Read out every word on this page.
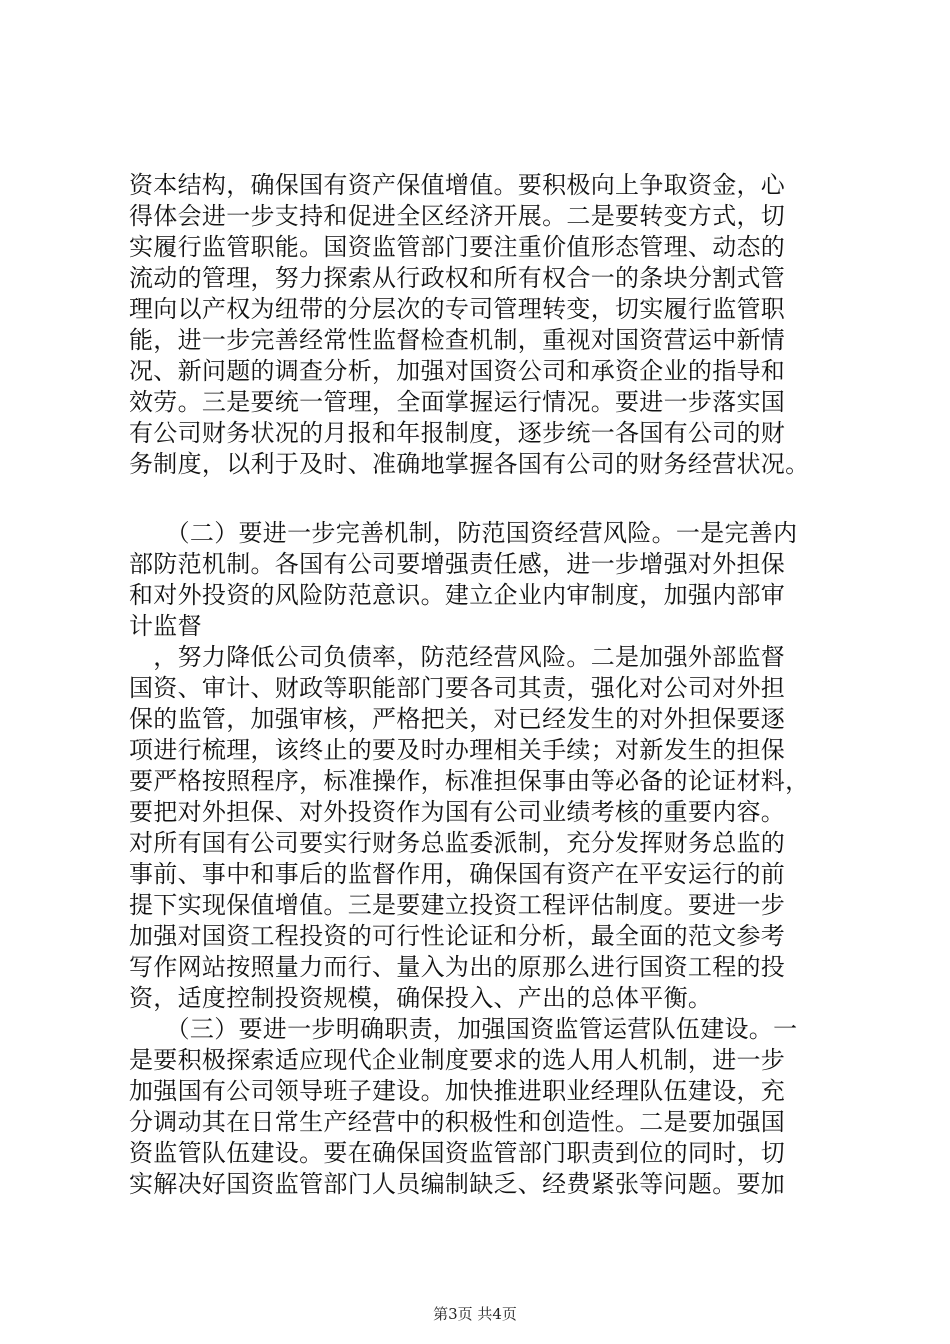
资本结构，确保国有资产保值增值。要积极向上争取资金，心
得体会进一步支持和促进全区经济开展。二是要转变方式，切
实履行监管职能。国资监管部门要注重价值形态管理、动态的
流动的管理，努力探索从行政权和所有权合一的条块分割式管
理向以产权为纽带的分层次的专司管理转变，切实履行监管职
能，进一步完善经常性监督检查机制，重视对国资营运中新情
况、新问题的调查分析，加强对国资公司和承资企业的指导和
效劳。三是要统一管理，全面掌握运行情况。要进一步落实国
有公司财务状况的月报和年报制度，逐步统一各国有公司的财
务制度，以利于及时、准确地掌握各国有公司的财务经营状况。
　　（二）要进一步完善机制，防范国资经营风险。一是完善内
部防范机制。各国有公司要增强责任感，进一步增强对外担保
和对外投资的风险防范意识。建立企业内审制度，加强内部审
计监督
　，努力降低公司负债率，防范经营风险。二是加强外部监督
国资、审计、财政等职能部门要各司其责，强化对公司对外担
保的监管，加强审核，严格把关，对已经发生的对外担保要逐
项进行梳理，该终止的要及时办理相关手续；对新发生的担保
要严格按照程序，标准操作，标准担保事由等必备的论证材料，
要把对外担保、对外投资作为国有公司业绩考核的重要内容。
对所有国有公司要实行财务总监委派制，充分发挥财务总监的
事前、事中和事后的监督作用，确保国有资产在平安运行的前
提下实现保值增值。三是要建立投资工程评估制度。要进一步
加强对国资工程投资的可行性论证和分析，最全面的范文参考
写作网站按照量力而行、量入为出的原那么进行国资工程的投
资，适度控制投资规模，确保投入、产出的总体平衡。
　　（三）要进一步明确职责，加强国资监管运营队伍建设。一
是要积极探索适应现代企业制度要求的选人用人机制，进一步
加强国有公司领导班子建设。加快推进职业经理队伍建设，充
分调动其在日常生产经营中的积极性和创造性。二是要加强国
资监管队伍建设。要在确保国资监管部门职责到位的同时，切
实解决好国资监管部门人员编制缺乏、经费紧张等问题。要加
第3页 共4页
